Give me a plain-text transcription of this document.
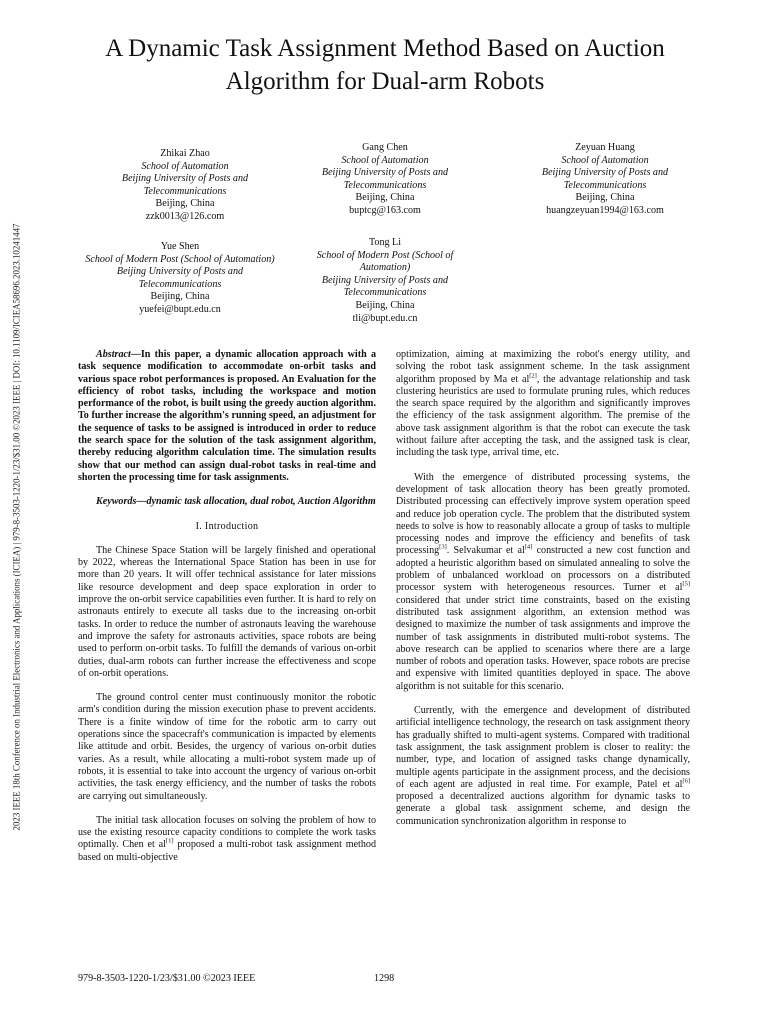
2023 IEEE 18th Conference on Industrial Electronics and Applications (ICIEA) | 979-8-3503-1220-1/23/$31.00 ©2023 IEEE | DOI: 10.1109/ICIEA58696.2023.10241447
A Dynamic Task Assignment Method Based on Auction Algorithm for Dual-arm Robots
Zhikai Zhao
School of Automation
Beijing University of Posts and Telecommunications
Beijing, China
zzk0013@126.com
Gang Chen
School of Automation
Beijing University of Posts and Telecommunications
Beijing, China
buptcg@163.com
Zeyuan Huang
School of Automation
Beijing University of Posts and Telecommunications
Beijing, China
huangzeyuan1994@163.com
Yue Shen
School of Modern Post (School of Automation)
Beijing University of Posts and Telecommunications
Beijing, China
yuefei@bupt.edu.cn
Tong Li
School of Modern Post (School of Automation)
Beijing University of Posts and Telecommunications
Beijing, China
tli@bupt.edu.cn

Abstract—In this paper, a dynamic allocation approach with a task sequence modification to accommodate on-orbit tasks and various space robot performances is proposed. An Evaluation for the efficiency of robot tasks, including the workspace and motion performance of the robot, is built using the greedy auction algorithm. To further increase the algorithm's running speed, an adjustment for the sequence of tasks to be assigned is introduced in order to reduce the search space for the solution of the task assignment algorithm, thereby reducing algorithm calculation time. The simulation results show that our method can assign dual-robot tasks in real-time and shorten the processing time for task assignments.

Keywords—dynamic task allocation, dual robot, Auction Algorithm

I. Introduction

The Chinese Space Station will be largely finished and operational by 2022, whereas the International Space Station has been in use for more than 20 years. It will offer technical assistance for later missions like resource development and deep space exploration in order to improve the on-orbit service capabilities even further. It is hard to rely on astronauts entirely to execute all tasks due to the increasing on-orbit tasks. In order to reduce the number of astronauts leaving the warehouse and improve the safety for astronauts activities, space robots are being used to perform on-orbit tasks. To fulfill the demands of various on-orbit duties, dual-arm robots can further increase the effectiveness and scope of on-orbit operations.

The ground control center must continuously monitor the robotic arm's condition during the mission execution phase to prevent accidents. There is a finite window of time for the robotic arm to carry out operations since the spacecraft's communication is impacted by elements like attitude and orbit. Besides, the urgency of various on-orbit duties varies. As a result, while allocating a multi-robot system made up of robots, it is essential to take into account the urgency of various on-orbit activities, the task energy efficiency, and the number of tasks the robots are carrying out simultaneously.

The initial task allocation focuses on solving the problem of how to use the existing resource capacity conditions to complete the work tasks optimally. Chen et al[1] proposed a multi-robot task assignment method based on multi-objective

optimization, aiming at maximizing the robot's energy utility, and solving the robot task assignment scheme. In the task assignment algorithm proposed by Ma et al[2], the advantage relationship and task clustering heuristics are used to formulate pruning rules, which reduces the search space required by the algorithm and significantly improves the efficiency of the task assignment algorithm. The premise of the above task assignment algorithm is that the robot can execute the task without failure after accepting the task, and the assigned task is clear, including the task type, arrival time, etc.

With the emergence of distributed processing systems, the development of task allocation theory has been greatly promoted. Distributed processing can effectively improve system operation speed and reduce job operation cycle. The problem that the distributed system needs to solve is how to reasonably allocate a group of tasks to multiple processing nodes and improve the efficiency and benefits of task processing[3]. Selvakumar et al[4] constructed a new cost function and adopted a heuristic algorithm based on simulated annealing to solve the problem of unbalanced workload on processors on a distributed processor system with heterogeneous resources. Turner et al[5] considered that under strict time constraints, based on the existing distributed task assignment algorithm, an extension method was designed to maximize the number of task assignments and improve the number of task assignments in distributed multi-robot systems. The above research can be applied to scenarios where there are a large number of robots and operation tasks. However, space robots are precise and expensive with limited quantities deployed in space. The above algorithm is not suitable for this scenario.

Currently, with the emergence and development of distributed artificial intelligence technology, the research on task assignment theory has gradually shifted to multi-agent systems. Compared with traditional task assignment, the task assignment problem is closer to reality: the number, type, and location of assigned tasks change dynamically, multiple agents participate in the assignment process, and the decisions of each agent are adjusted in real time. For example, Patel et al[6] proposed a decentralized auctions algorithm for dynamic tasks to generate a global task assignment scheme, and design the communication synchronization algorithm in response to

979-8-3503-1220-1/23/$31.00 ©2023 IEEE	1298
